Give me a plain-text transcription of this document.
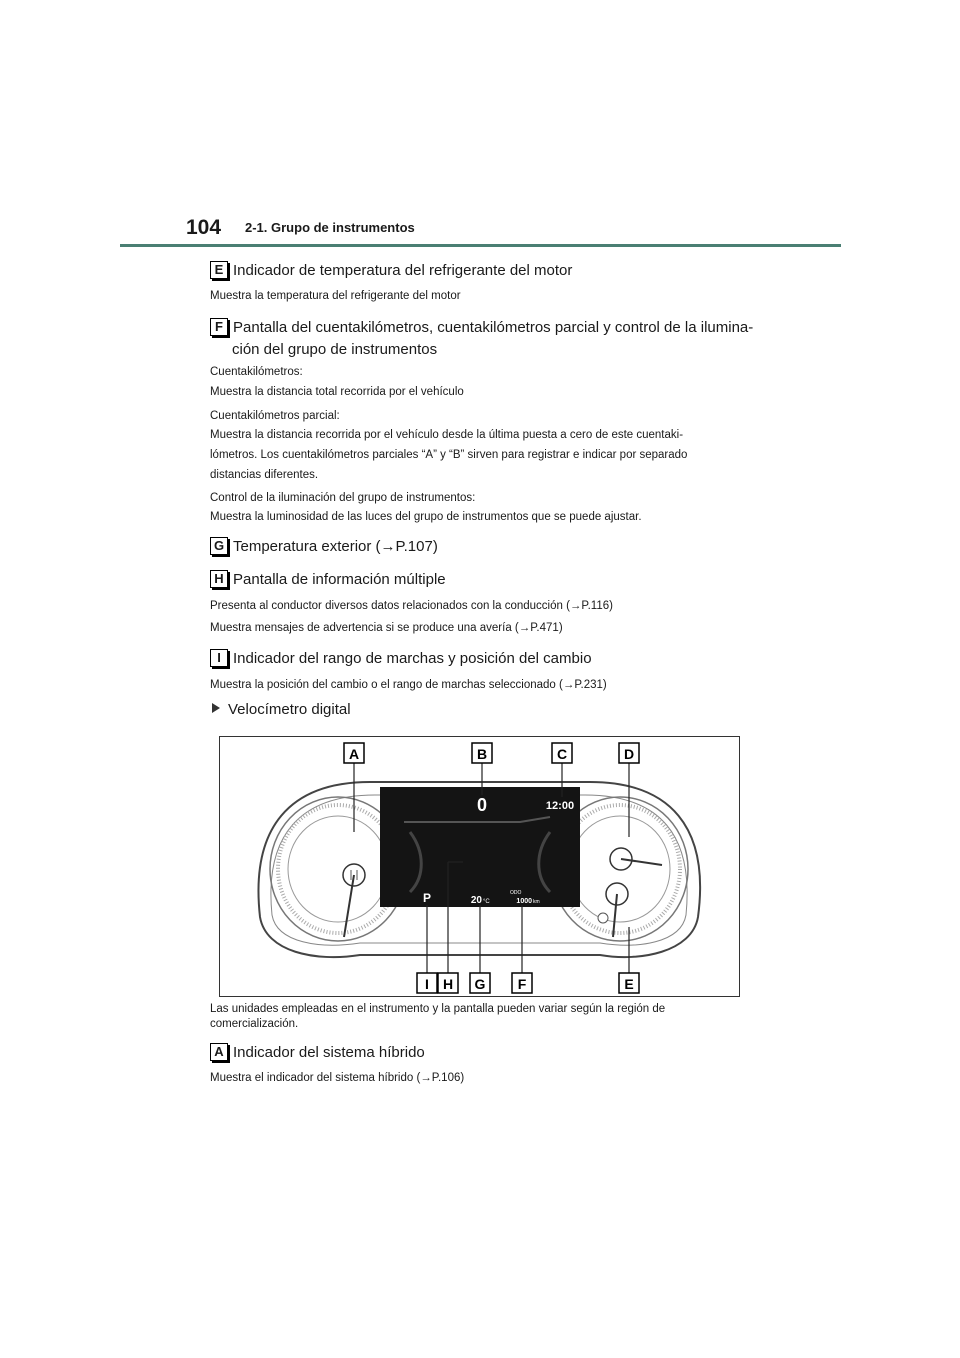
104 2-1. Grupo de instrumentos
E Indicador de temperatura del refrigerante del motor
Muestra la temperatura del refrigerante del motor
F Pantalla del cuentakilómetros, cuentakilómetros parcial y control de la ilumina-
ción del grupo de instrumentos
Cuentakilómetros:
Muestra la distancia total recorrida por el vehículo
Cuentakilómetros parcial:
Muestra la distancia recorrida por el vehículo desde la última puesta a cero de este cuentaki-
lómetros. Los cuentakilómetros parciales “A” y “B” sirven para registrar e indicar por separado
distancias diferentes.
Control de la iluminación del grupo de instrumentos:
Muestra la luminosidad de las luces del grupo de instrumentos que se puede ajustar.
G Temperatura exterior (→P.107)
H Pantalla de información múltiple
Presenta al conductor diversos datos relacionados con la conducción (→P.116)
Muestra mensajes de advertencia si se produce una avería (→P.471)
I Indicador del rango de marchas y posición del cambio
Muestra la posición del cambio o el rango de marchas seleccionado (→P.231)
Velocímetro digital
0	12:00
P	20 °C
ODO
1000 km
A	B	C	D
I H G F	E
Las unidades empleadas en el instrumento y la pantalla pueden variar según la región de
comercialización.
A Indicador del sistema híbrido
Muestra el indicador del sistema híbrido (→P.106)
